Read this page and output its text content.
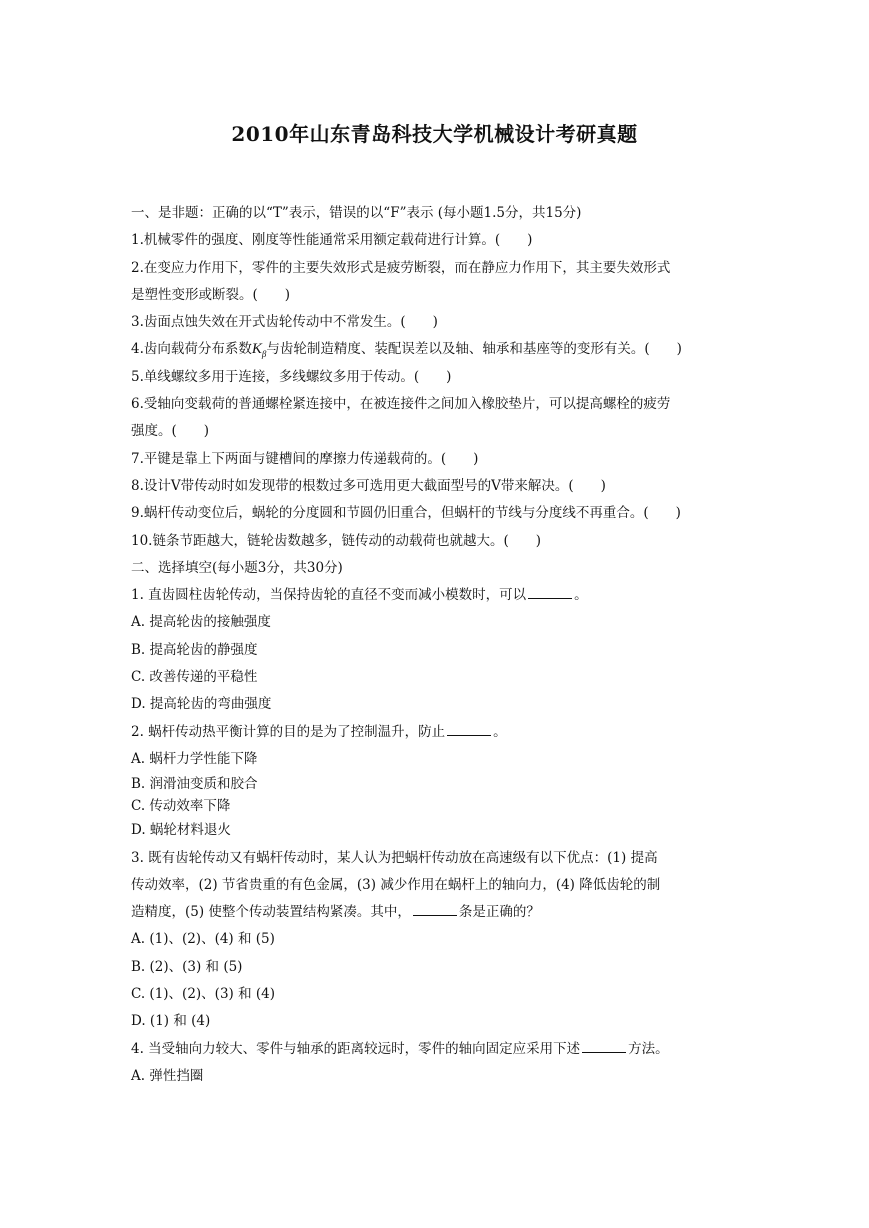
2010年山东青岛科技大学机械设计考研真题
一、是非题：正确的以“T”表示，错误的以“F”表示 (每小题1.5分，共15分)
1.机械零件的强度、刚度等性能通常采用额定载荷进行计算。(　　)
2.在变应力作用下，零件的主要失效形式是疲劳断裂，而在静应力作用下，其主要失效形式
是塑性变形或断裂。(　　)
3.齿面点蚀失效在开式齿轮传动中不常发生。(　　)
4.齿向载荷分布系数$K_\beta$与齿轮制造精度、装配误差以及轴、轴承和基座等的变形有关。(　　)
5.单线螺纹多用于连接，多线螺纹多用于传动。(　　)
6.受轴向变载荷的普通螺栓紧连接中，在被连接件之间加入橡胶垫片，可以提高螺栓的疲劳
强度。(　　)
7.平键是靠上下两面与键槽间的摩擦力传递载荷的。(　　)
8.设计V带传动时如发现带的根数过多可选用更大截面型号的V带来解决。(　　)
9.蜗杆传动变位后，蜗轮的分度圆和节圆仍旧重合，但蜗杆的节线与分度线不再重合。(　　)
10.链条节距越大，链轮齿数越多，链传动的动载荷也就越大。(　　)
二、选择填空(每小题3分，共30分)
1. 直齿圆柱齿轮传动，当保持齿轮的直径不变而减小模数时，可以	。
A. 提高轮齿的接触强度
B. 提高轮齿的静强度
C. 改善传递的平稳性
D. 提高轮齿的弯曲强度
2. 蜗杆传动热平衡计算的目的是为了控制温升，防止	。
A. 蜗杆力学性能下降
B. 润滑油变质和胶合
C. 传动效率下降
D. 蜗轮材料退火
3. 既有齿轮传动又有蜗杆传动时，某人认为把蜗杆传动放在高速级有以下优点：(1) 提高
传动效率，(2) 节省贵重的有色金属，(3) 减少作用在蜗杆上的轴向力，(4) 降低齿轮的制
造精度，(5) 使整个传动装置结构紧凑。其中，	条是正确的？
A. (1)、(2)、(4) 和 (5)
B. (2)、(3) 和 (5)
C. (1)、(2)、(3) 和 (4)
D. (1) 和 (4)
4. 当受轴向力较大、零件与轴承的距离较远时，零件的轴向固定应采用下述	方法。
A. 弹性挡圈
